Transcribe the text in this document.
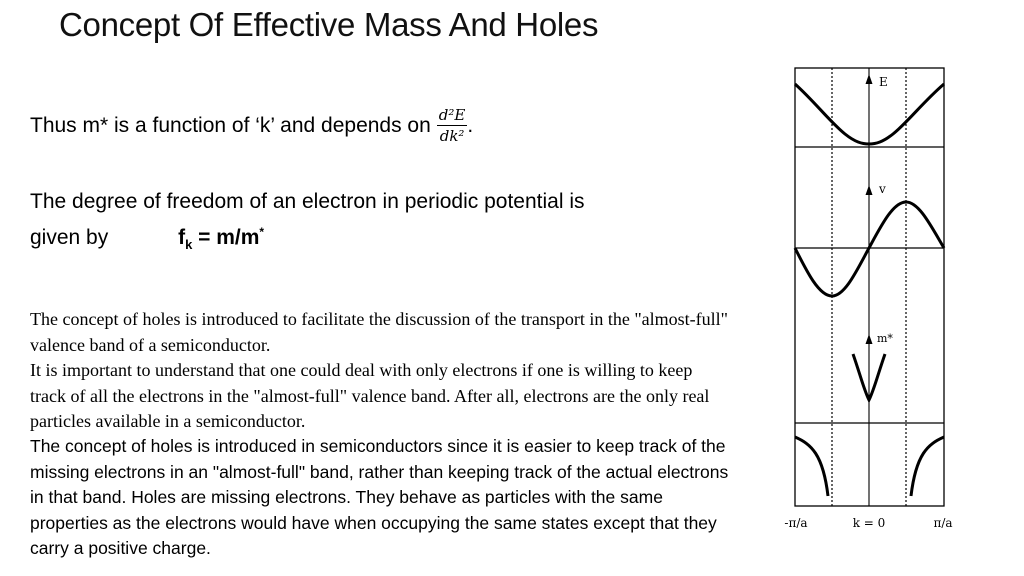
Concept Of Effective Mass And Holes
Thus m* is a function of ‘k’ and depends on $\frac{\text{d²E}}{\text{dk²}}$ .
The degree of freedom of an electron in periodic potential is
given by	$f_k = m/m^*$

The concept of holes is introduced to facilitate the discussion of the transport in the "almost-full" valence band of a semiconductor.

It is important to understand that one could deal with only electrons if one is willing to keep track of all the electrons in the "almost-full" valence band. After all, electrons are the only real particles available in a semiconductor.

The concept of holes is introduced in semiconductors since it is easier to keep track of the missing electrons in an "almost-full" band, rather than keeping track of the actual electrons in that band. Holes are missing electrons. They behave as particles with the same properties as the electrons would have when occupying the same states except that they carry a positive charge.

E
v
m*
-π/a	k = 0	π/a
